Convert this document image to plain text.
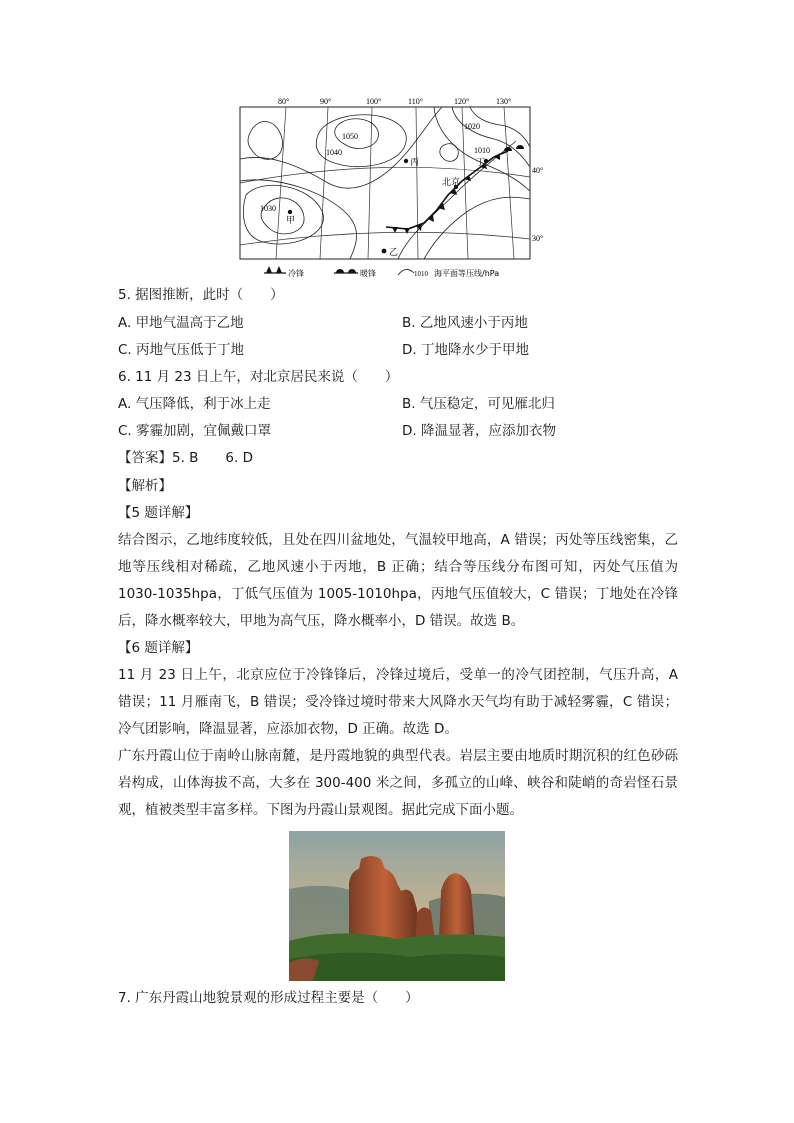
80°	90°	100°	110°	120°	130°
40°
30°
1050
1040
1030
1020
1010
甲
丙	丁
北京
乙
冷锋	暖锋	1010 海平面等压线/hPa
5. 据图推断，此时（　　）
A. 甲地气温高于乙地	B. 乙地风速小于丙地
C. 丙地气压低于丁地	D. 丁地降水少于甲地
6. 11 月 23 日上午，对北京居民来说（　　）
A. 气压降低，利于冰上走	B. 气压稳定，可见雁北归
C. 雾霾加剧，宜佩戴口罩	D. 降温显著，应添加衣物
【答案】5. B　　6. D
【解析】
【5 题详解】
结合图示，乙地纬度较低，且处在四川盆地处，气温较甲地高，A 错误；丙处等压线密集，乙地等压线相对稀疏，乙地风速小于丙地，B 正确；结合等压线分布图可知，丙处气压值为 1030-1035hpa，丁低气压值为 1005-1010hpa，丙地气压值较大，C 错误；丁地处在冷锋后，降水概率较大，甲地为高气压，降水概率小，D 错误。故选 B。
【6 题详解】
11 月 23 日上午，北京应位于冷锋锋后，冷锋过境后，受单一的冷气团控制，气压升高，A 错误；11 月雁南飞，B 错误；受冷锋过境时带来大风降水天气均有助于减轻雾霾，C 错误；冷气团影响，降温显著，应添加衣物，D 正确。故选 D。
广东丹霞山位于南岭山脉南麓，是丹霞地貌的典型代表。岩层主要由地质时期沉积的红色砂砾岩构成，山体海拔不高，大多在 300-400 米之间，多孤立的山峰、峡谷和陡峭的奇岩怪石景观，植被类型丰富多样。下图为丹霞山景观图。据此完成下面小题。
7. 广东丹霞山地貌景观的形成过程主要是（　　）
